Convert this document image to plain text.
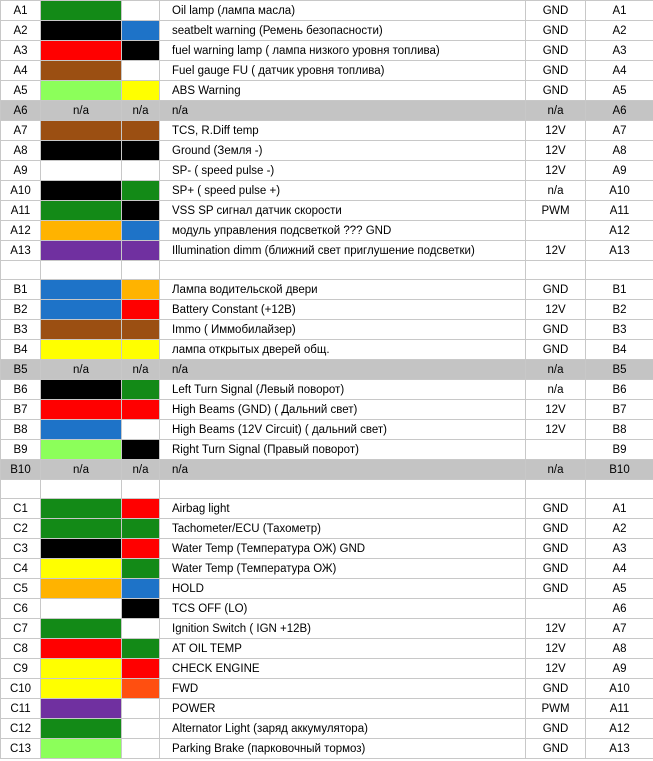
A1			Oil lamp (лампа масла)	GND	A1
A2			seatbelt warning (Ремень безопасности)	GND	A2
A3			fuel warning lamp ( лампа низкого уровня топлива)	GND	A3
A4			Fuel gauge FU ( датчик уровня топлива)	GND	A4
A5			ABS Warning	GND	A5
A6	n/a	n/a	n/a	n/a	A6
A7			TCS, R.Diff temp	12V	A7
A8			Ground (Земля -)	12V	A8
A9			SP- ( speed pulse -)	12V	A9
A10			SP+ ( speed pulse +)	n/a	A10
A11			VSS SP сигнал датчик скорости	PWM	A11
A12			модуль управления подсветкой ??? GND		A12
A13			Illumination dimm (ближний свет приглушение подсветки)	12V	A13

B1			Лампа водительской двери	GND	B1
B2			Battery Constant (+12В)	12V	B2
B3			Immo ( Иммобилайзер)	GND	B3
B4			лампа открытых дверей общ.	GND	B4
B5	n/a	n/a	n/a	n/a	B5
B6			Left Turn Signal (Левый поворот)	n/a	B6
B7			High Beams (GND) ( Дальний свет)	12V	B7
B8			High Beams (12V Circuit) ( дальний свет)	12V	B8
B9			Right Turn Signal (Правый поворот)		B9
B10	n/a	n/a	n/a	n/a	B10

C1			Airbag light	GND	A1
C2			Tachometer/ECU (Тахометр)	GND	A2
C3			Water Temp (Температура ОЖ) GND	GND	A3
C4			Water Temp (Температура ОЖ)	GND	A4
C5			HOLD	GND	A5
C6			TCS OFF (LO)		A6
C7			Ignition Switch ( IGN +12В)	12V	A7
C8			AT OIL TEMP	12V	A8
C9			CHECK ENGINE	12V	A9
C10			FWD	GND	A10
C11			POWER	PWM	A11
C12			Alternator Light (заряд аккумулятора)	GND	A12
C13			Parking Brake (парковочный тормоз)	GND	A13
